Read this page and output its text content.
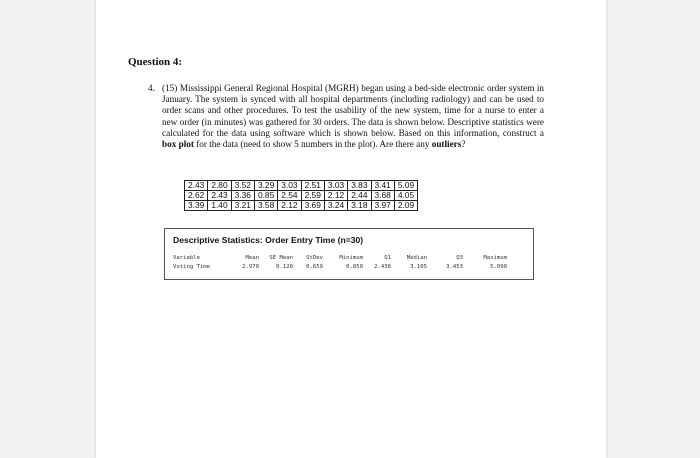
Question 4:
4. (15) Mississippi General Regional Hospital (MGRH) began using a bed-side electronic order system in January. The system is synced with all hospital departments (including radiology) and can be used to order scans and other procedures. To test the usability of the new system, time for a nurse to enter a new order (in minutes) was gathered for 30 orders. The data is shown below. Descriptive statistics were calculated for the data using software which is shown below. Based on this information, construct a box plot for the data (need to show 5 numbers in the plot). Are there any outliers?
2.43	2.80	3.52	3.29	3.03	2.51	3.03	3.83	3.41	5.09
2.62	2.43	3.36	0.85	2.54	2.59	2.12	2.44	3.68	4.05
3.39	1.40	3.21	3.58	2.12	3.69	3.24	3.18	3.97	2.09
Descriptive Statistics: Order Entry Time (n=30)
Variable	Mean	SE Mean	StDev	Minimum	Q1	Median	Q3	Maximum
Voting Time	2.970	0.120	0.659	0.850	2.438	3.105	3.453	5.090
